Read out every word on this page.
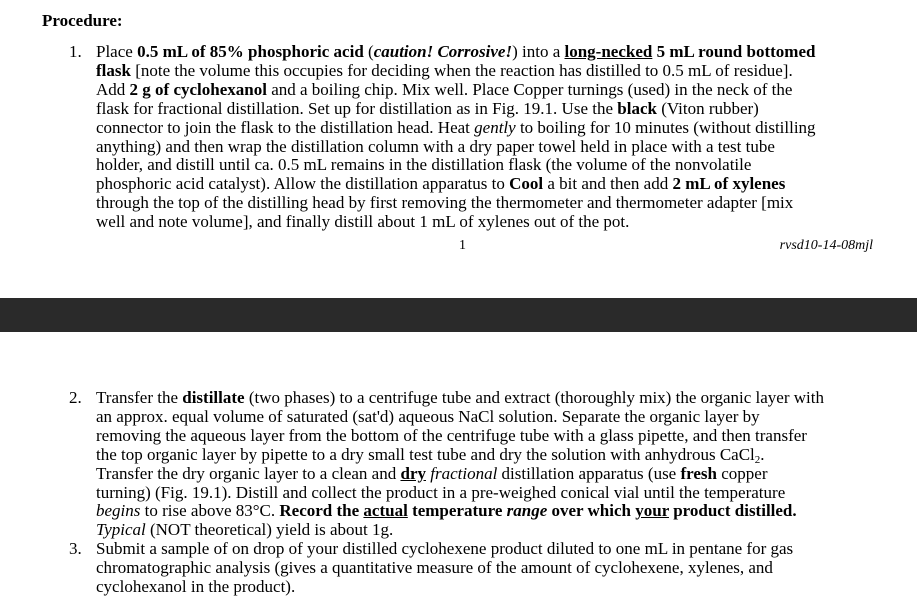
Procedure:
1. Place 0.5 mL of 85% phosphoric acid (caution! Corrosive!) into a long-necked 5 mL round bottomed
flask [note the volume this occupies for deciding when the reaction has distilled to 0.5 mL of residue].
Add 2 g of cyclohexanol and a boiling chip. Mix well. Place Copper turnings (used) in the neck of the
flask for fractional distillation. Set up for distillation as in Fig. 19.1. Use the black (Viton rubber)
connector to join the flask to the distillation head. Heat gently to boiling for 10 minutes (without distilling
anything) and then wrap the distillation column with a dry paper towel held in place with a test tube
holder, and distill until ca. 0.5 mL remains in the distillation flask (the volume of the nonvolatile
phosphoric acid catalyst). Allow the distillation apparatus to Cool a bit and then add 2 mL of xylenes
through the top of the distilling head by first removing the thermometer and thermometer adapter [mix
well and note volume], and finally distill about 1 mL of xylenes out of the pot.
1	rvsd10-14-08mjl
2. Transfer the distillate (two phases) to a centrifuge tube and extract (thoroughly mix) the organic layer with
an approx. equal volume of saturated (sat'd) aqueous NaCl solution. Separate the organic layer by
removing the aqueous layer from the bottom of the centrifuge tube with a glass pipette, and then transfer
the top organic layer by pipette to a dry small test tube and dry the solution with anhydrous CaCl$_2$.
Transfer the dry organic layer to a clean and dry fractional distillation apparatus (use fresh copper
turning) (Fig. 19.1). Distill and collect the product in a pre-weighed conical vial until the temperature
begins to rise above 83°C. Record the actual temperature range over which your product distilled.
Typical (NOT theoretical) yield is about 1g.
3. Submit a sample of on drop of your distilled cyclohexene product diluted to one mL in pentane for gas
chromatographic analysis (gives a quantitative measure of the amount of cyclohexene, xylenes, and
cyclohexanol in the product).
